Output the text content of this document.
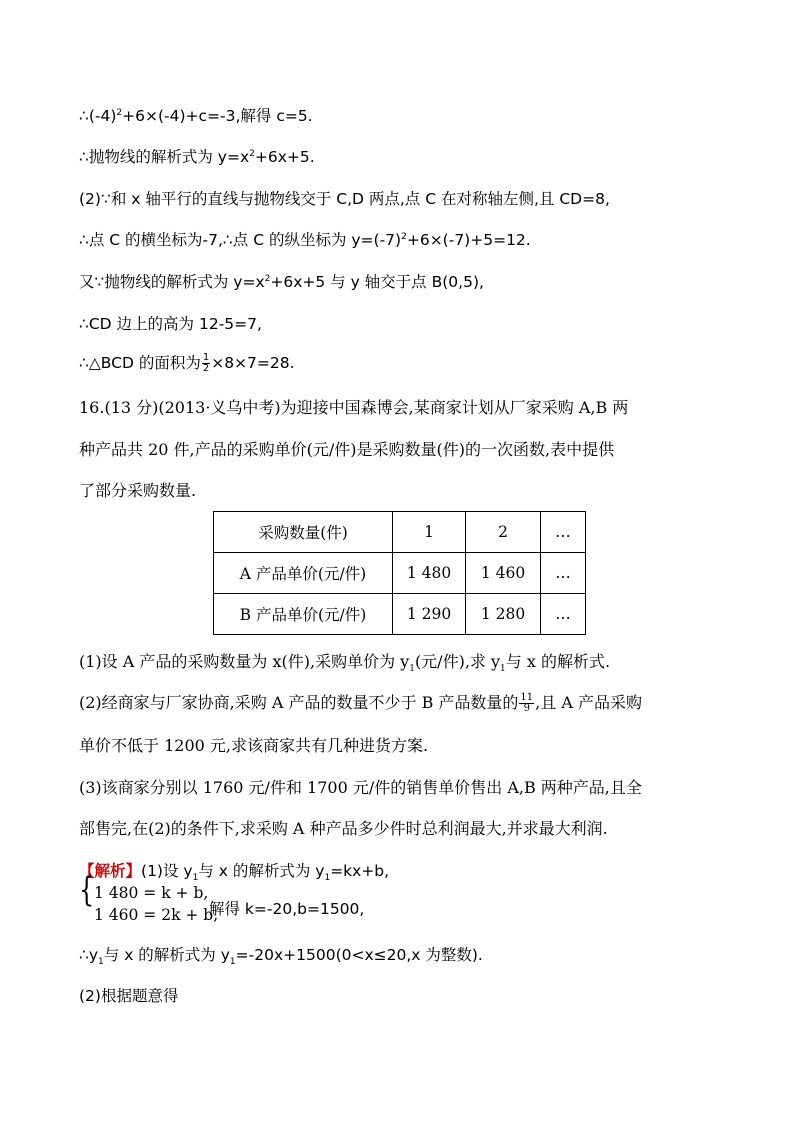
$\therefore(-4)^2+6\times(-4)+c=-3$,解得 c=5.
∴抛物线的解析式为 $y=x^2+6x+5$.
(2)∵和 x 轴平行的直线与抛物线交于 C,D 两点,点 C 在对称轴左侧,且 CD=8,
∴点 C 的横坐标为-7,∴点 C 的纵坐标为 $y=(-7)^2+6\times(-7)+5=12$.
又∵抛物线的解析式为 $y=x^2+6x+5$ 与 y 轴交于点 B(0,5),
∴CD 边上的高为 12-5=7,
∴△BCD 的面积为 $\frac{1}{2} \times 8\times 7=28$.
16.(13 分)(2013·义乌中考)为迎接中国森博会,某商家计划从厂家采购 A,B 两
种产品共 20 件,产品的采购单价(元/件)是采购数量(件)的一次函数,表中提供
了部分采购数量.
采购数量(件)	1	2	…
A 产品单价(元/件)	1 480	1 460	…
B 产品单价(元/件)	1 290	1 280	…
(1)设 A 产品的采购数量为 x(件),采购单价为 $y_1$(元/件),求 $y_1$与 x 的解析式.
(2)经商家与厂家协商,采购 A 产品的数量不少于 B 产品数量的 $\frac{11}{9}$ ,且 A 产品采购
单价不低于 1200 元,求该商家共有几种进货方案.
(3)该商家分别以 1760 元/件和 1700 元/件的销售单价售出 A,B 两种产品,且全
部售完,在(2)的条件下,求采购 A 种产品多少件时总利润最大,并求最大利润.
【解析】(1)设 $y_1$与 x 的解析式为 $y_1=kx+b$,
{ 1 480 = k + b,
1 460 = 2k + b,
解得 k=-20,b=1500,
$\therefore y_1$与 x 的解析式为 $y_1=-20x+1500(0<x\le 20,x$ 为整数).
(2)根据题意得
